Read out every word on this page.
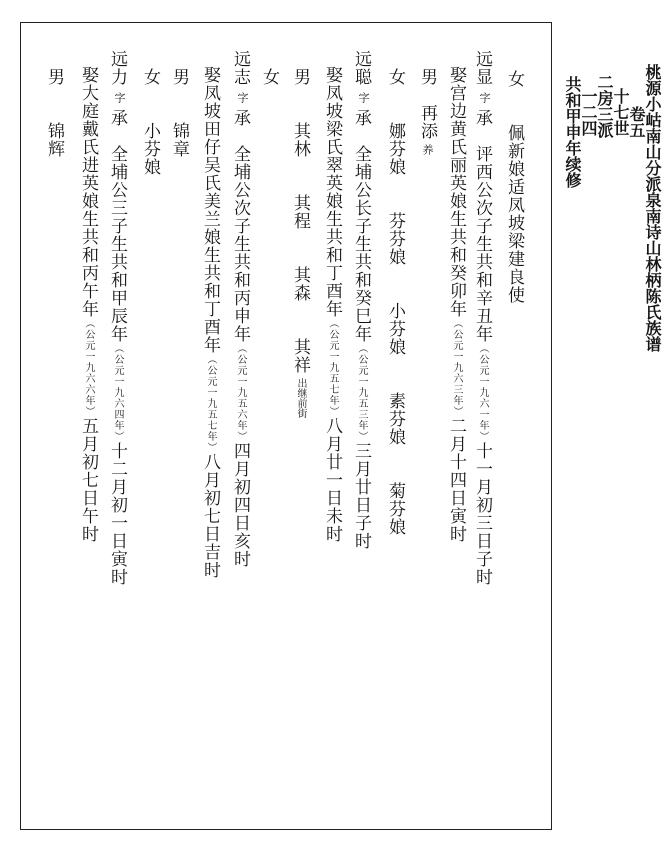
桃源小岵南山分派泉南诗山林柄陈氏族谱
卷五
十七世
二房三派
一二四
共和甲申年续修
女　　佩新娘适凤坡梁建良使
远显字承　评西公次子生共和辛丑年（公元一九六一年）十一月初三日子时
娶宫边黄氏丽英娘生共和癸卯年（公元一九六三年）二月十四日寅时
男　再添养
女　　娜芬娘　　芬芬娘　　小芬娘　　素芬娘　　菊芬娘
远聪字承　全埔公长子生共和癸巳年（公元一九五三年）三月廿日子时
娶凤坡梁氏翠英娘生共和丁酉年（公元一九五七年）八月廿一日未时
男　　其林　　其程　　其森　　其祥出继前街
女
远志字承　全埔公次子生共和丙申年（公元一九五六年）四月初四日亥时
娶凤坡田仔吴氏美兰娘生共和丁酉年（公元一九五七年）八月初七日吉时
男　　锦章
女　　小芬娘
远力字承　全埔公三子生共和甲辰年（公元一九六四年）十二月初一日寅时
娶大庭戴氏进英娘生共和丙午年（公元一九六六年）五月初七日午时
男　　锦辉
